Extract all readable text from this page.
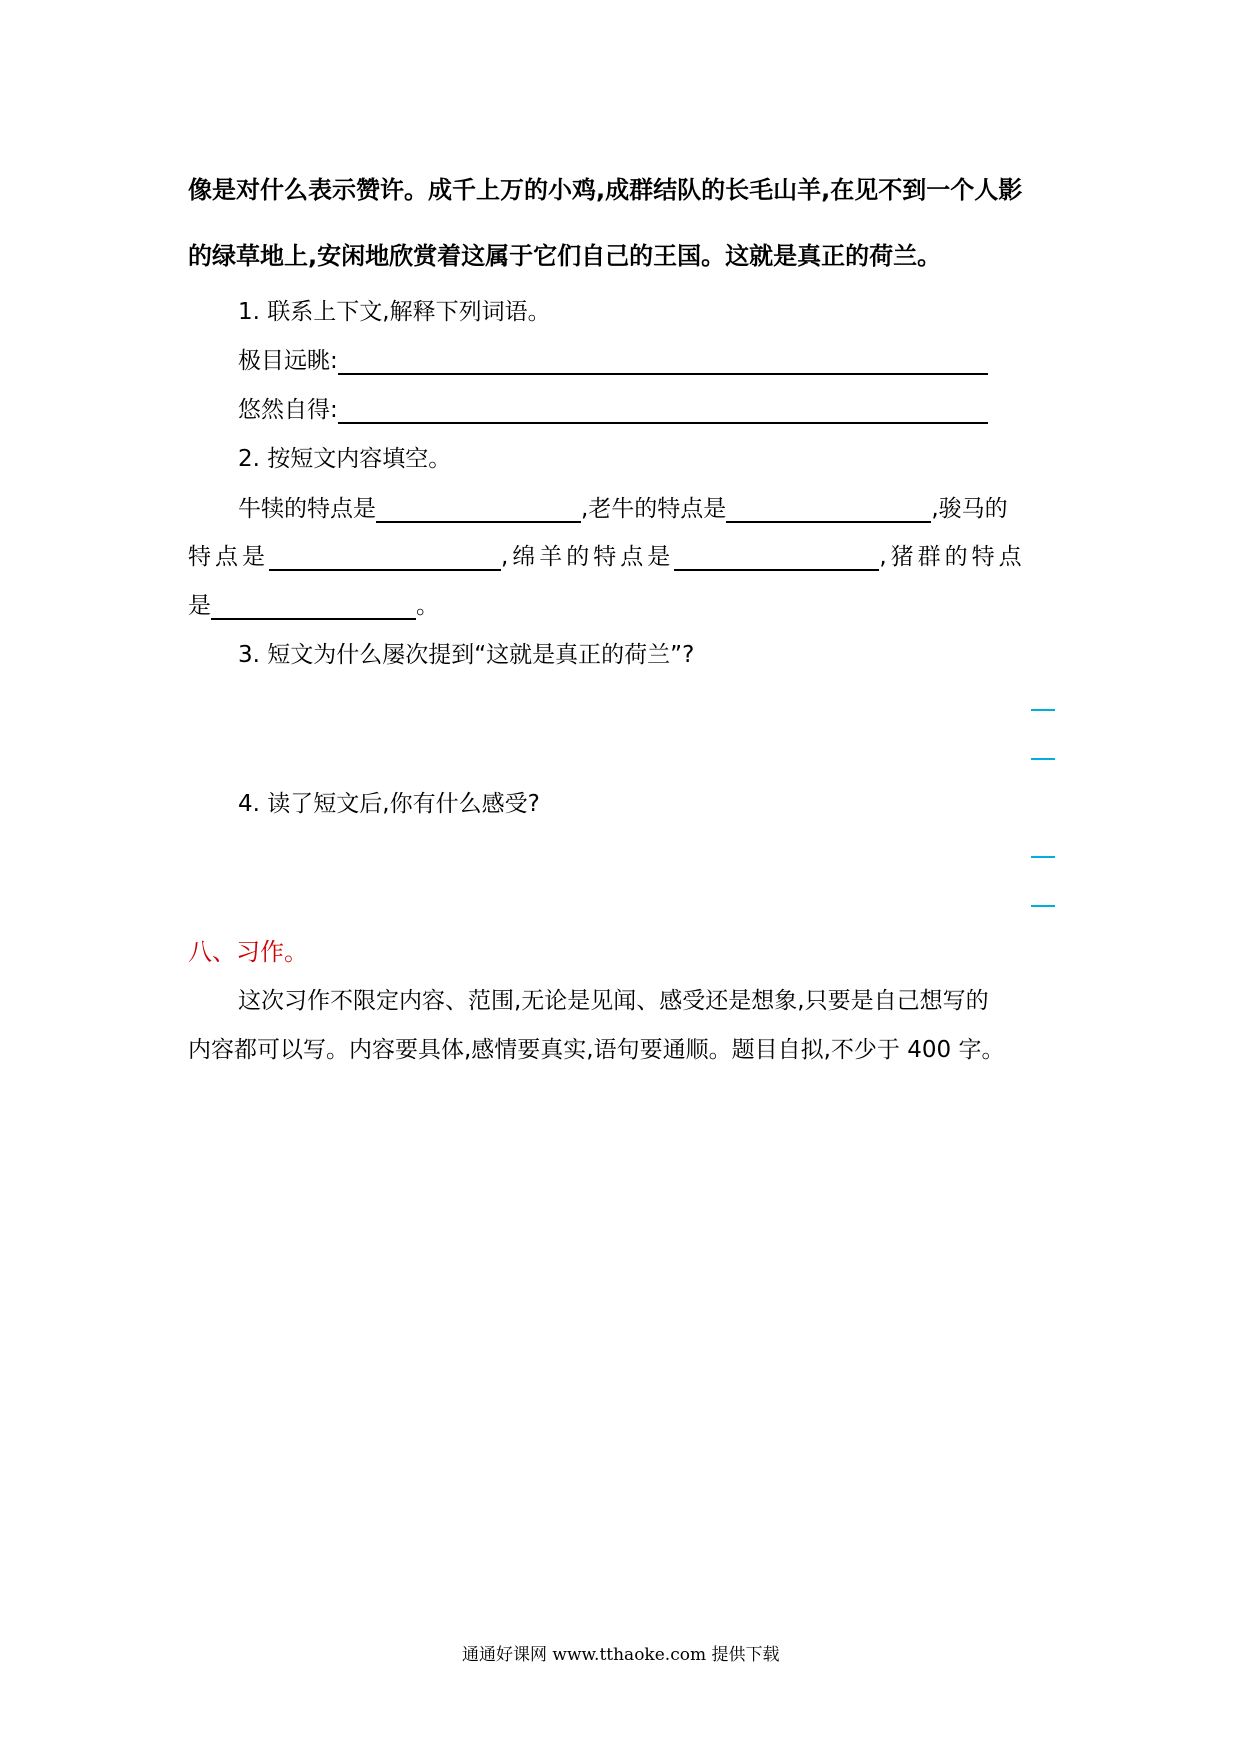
像是对什么表示赞许。成千上万的小鸡,成群结队的长毛山羊,在见不到一个人影
的绿草地上,安闲地欣赏着这属于它们自己的王国。这就是真正的荷兰。
1. 联系上下文,解释下列词语。
极目远眺:
悠然自得:
2. 按短文内容填空。
牛犊的特点是	,老牛的特点是	,骏马的
特点是	,绵羊的特点是	,猪群的特点
是	。
3. 短文为什么屡次提到“这就是真正的荷兰”?
4. 读了短文后,你有什么感受?
八、习作。
这次习作不限定内容、范围,无论是见闻、感受还是想象,只要是自己想写的
内容都可以写。内容要具体,感情要真实,语句要通顺。题目自拟,不少于 400 字。
通通好课网 www.tthaoke.com 提供下载
